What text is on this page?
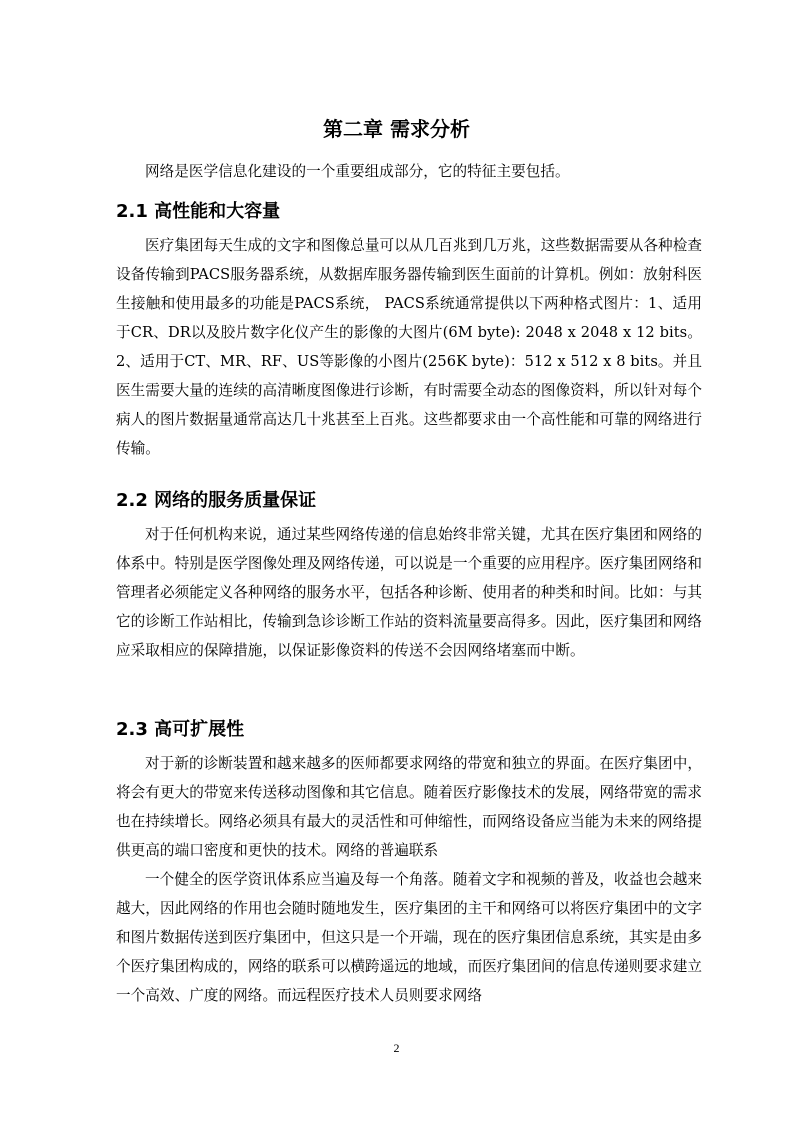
第二章 需求分析

网络是医学信息化建设的一个重要组成部分，它的特征主要包括。

2.1 高性能和大容量

医疗集团每天生成的文字和图像总量可以从几百兆到几万兆，这些数据需要从各种检查设备传输到PACS服务器系统，从数据库服务器传输到医生面前的计算机。例如：放射科医生接触和使用最多的功能是PACS系统， PACS系统通常提供以下两种格式图片：1、适用于CR、DR以及胶片数字化仪产生的影像的大图片(6M byte): 2048 x 2048 x 12 bits。2、适用于CT、MR、RF、US等影像的小图片(256K byte)：512 x 512 x 8 bits。并且医生需要大量的连续的高清晰度图像进行诊断，有时需要全动态的图像资料，所以针对每个病人的图片数据量通常高达几十兆甚至上百兆。这些都要求由一个高性能和可靠的网络进行传输。

2.2 网络的服务质量保证

对于任何机构来说，通过某些网络传递的信息始终非常关键，尤其在医疗集团和网络的体系中。特别是医学图像处理及网络传递，可以说是一个重要的应用程序。医疗集团网络和管理者必须能定义各种网络的服务水平，包括各种诊断、使用者的种类和时间。比如：与其它的诊断工作站相比，传输到急诊诊断工作站的资料流量要高得多。因此，医疗集团和网络应采取相应的保障措施，以保证影像资料的传送不会因网络堵塞而中断。

2.3 高可扩展性

对于新的诊断装置和越来越多的医师都要求网络的带宽和独立的界面。在医疗集团中，将会有更大的带宽来传送移动图像和其它信息。随着医疗影像技术的发展，网络带宽的需求也在持续增长。网络必须具有最大的灵活性和可伸缩性，而网络设备应当能为未来的网络提供更高的端口密度和更快的技术。网络的普遍联系

一个健全的医学资讯体系应当遍及每一个角落。随着文字和视频的普及，收益也会越来越大，因此网络的作用也会随时随地发生，医疗集团的主干和网络可以将医疗集团中的文字和图片数据传送到医疗集团中，但这只是一个开端，现在的医疗集团信息系统，其实是由多个医疗集团构成的，网络的联系可以横跨遥远的地域，而医疗集团间的信息传递则要求建立一个高效、广度的网络。而远程医疗技术人员则要求网络

2
